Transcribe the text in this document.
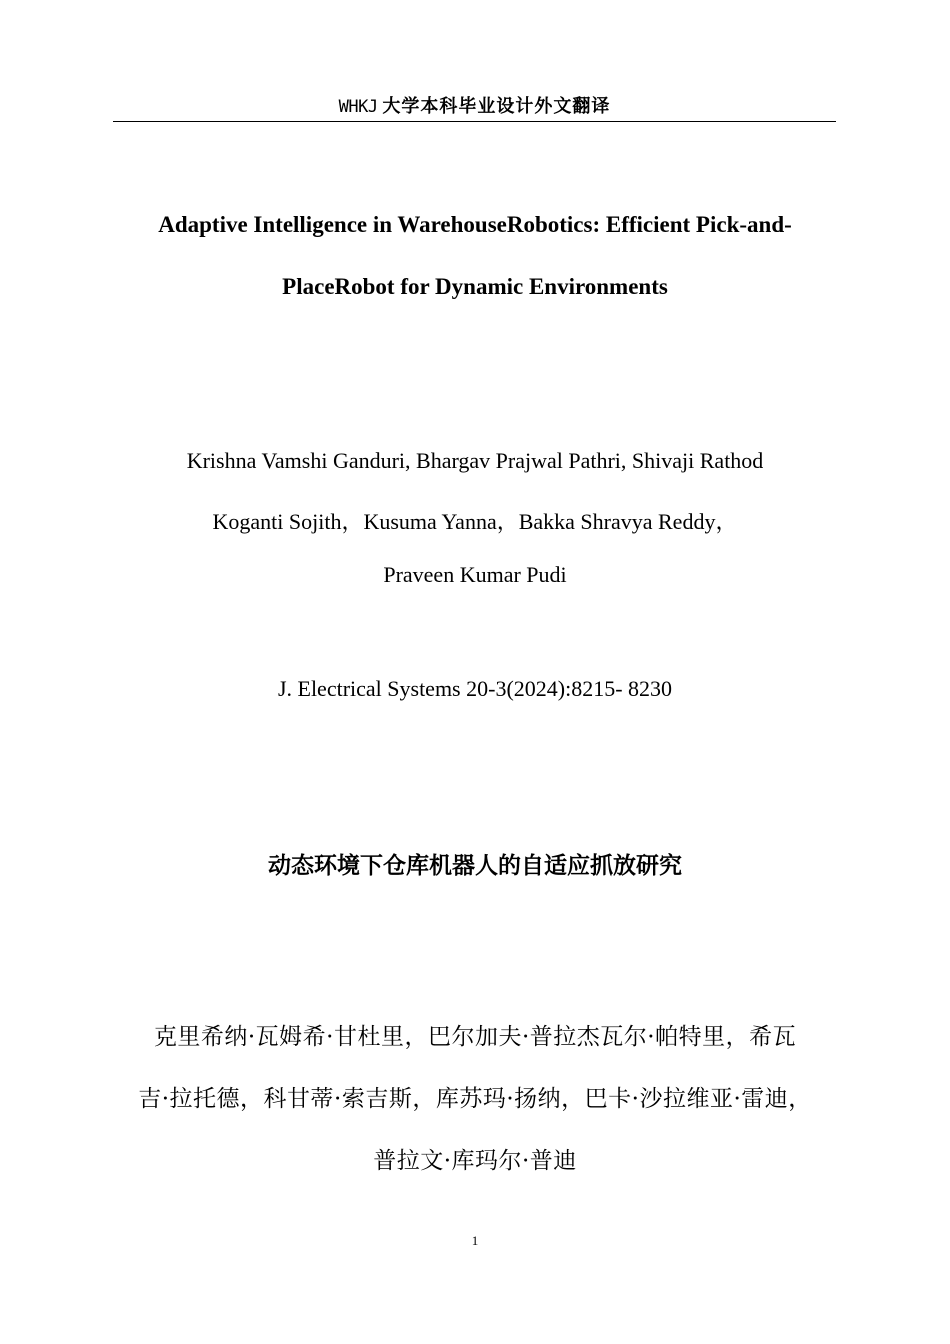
WHKJ 大学本科毕业设计外文翻译
Adaptive Intelligence in WarehouseRobotics: Efficient Pick-and-
PlaceRobot for Dynamic Environments
Krishna Vamshi Ganduri, Bhargav Prajwal Pathri, Shivaji Rathod
Koganti Sojith，Kusuma Yanna，Bakka Shravya Reddy，
Praveen Kumar Pudi
J. Electrical Systems 20-3(2024):8215- 8230
动态环境下仓库机器人的自适应抓放研究
克里希纳·瓦姆希·甘杜里，巴尔加夫·普拉杰瓦尔·帕特里，希瓦
吉·拉托德，科甘蒂·索吉斯，库苏玛·扬纳，巴卡·沙拉维亚·雷迪，
普拉文·库玛尔·普迪
1
